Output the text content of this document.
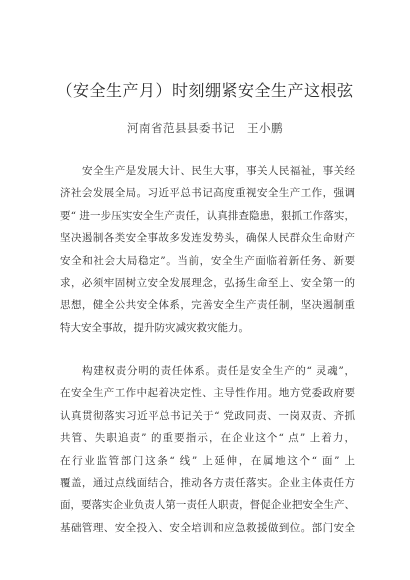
（安全生产月）时刻绷紧安全生产这根弦
河南省范县县委书记 王小鹏
安全生产是发展大计、民生大事，事关人民福祉，事关经
济社会发展全局。习近平总书记高度重视安全生产工作，强调
要“ 进一步压实安全生产责任，认真排查隐患，狠抓工作落实，
坚决遏制各类安全事故多发连发势头，确保人民群众生命财产
安全和社会大局稳定”。当前，安全生产面临着新任务、新要
求，必须牢固树立安全发展理念，弘扬生命至上、安全第一的
思想，健全公共安全体系，完善安全生产责任制，坚决遏制重
特大安全事故，提升防灾减灾救灾能力。
构建权责分明的责任体系。责任是安全生产的“ 灵魂”，
在安全生产工作中起着决定性、主导性作用。地方党委政府要
认真贯彻落实习近平总书记关于“ 党政同责、一岗双责、齐抓
共管、失职追责” 的重要指示，在企业这个“ 点” 上着力，
在行业监管部门这条“ 线” 上延伸，在属地这个“ 面” 上
覆盖，通过点线面结合，推动各方责任落实。企业主体责任方
面，要落实企业负责人第一责任人职责，督促企业把安全生产、
基础管理、安全投入、安全培训和应急救援做到位。部门安全
